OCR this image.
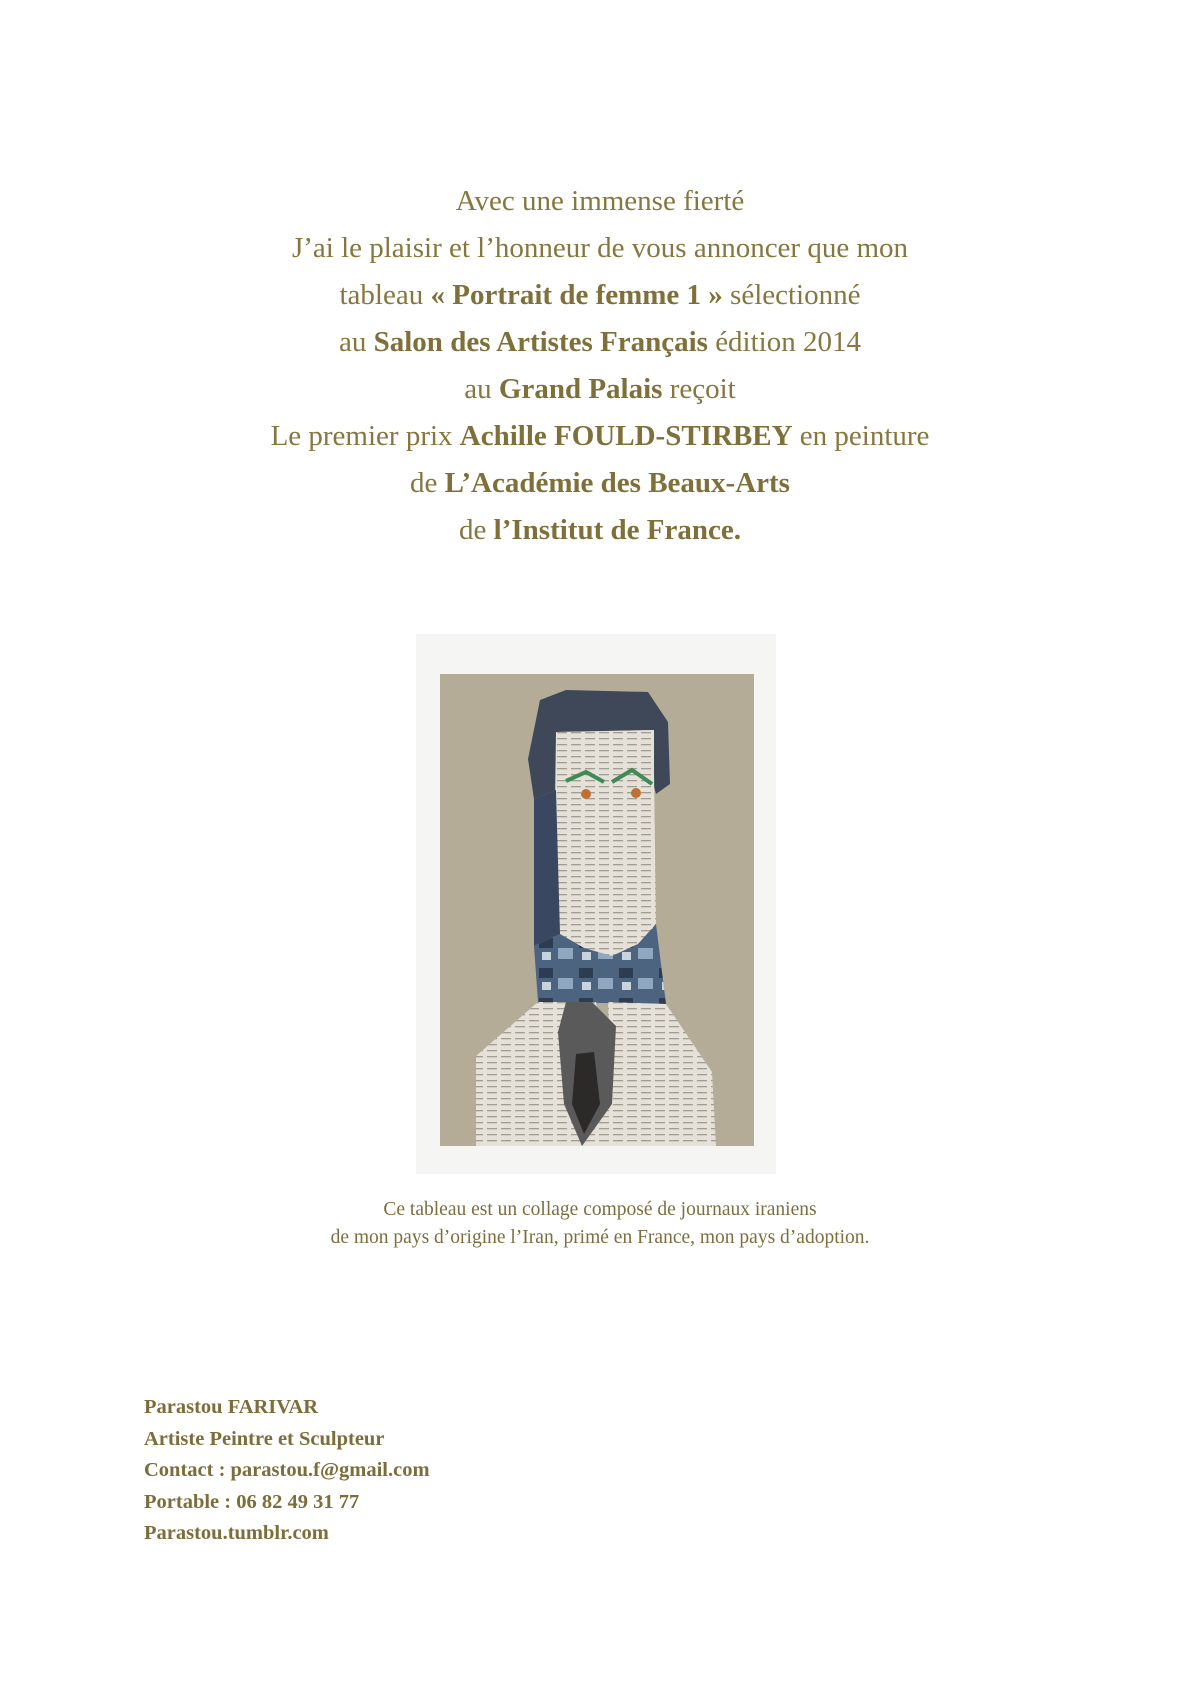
Avec une immense fierté
J’ai le plaisir et l’honneur de vous annoncer que mon
tableau « Portrait de femme 1 » sélectionné
au Salon des Artistes Français édition 2014
au Grand Palais reçoit
Le premier prix Achille FOULD-STIRBEY en peinture
de L’Académie des Beaux-Arts
de l’Institut de France.
Ce tableau est un collage composé de journaux iraniens
de mon pays d’origine l’Iran, primé en France, mon pays d’adoption.
Parastou FARIVAR
Artiste Peintre et Sculpteur
Contact : parastou.f@gmail.com
Portable : 06 82 49 31 77
Parastou.tumblr.com
